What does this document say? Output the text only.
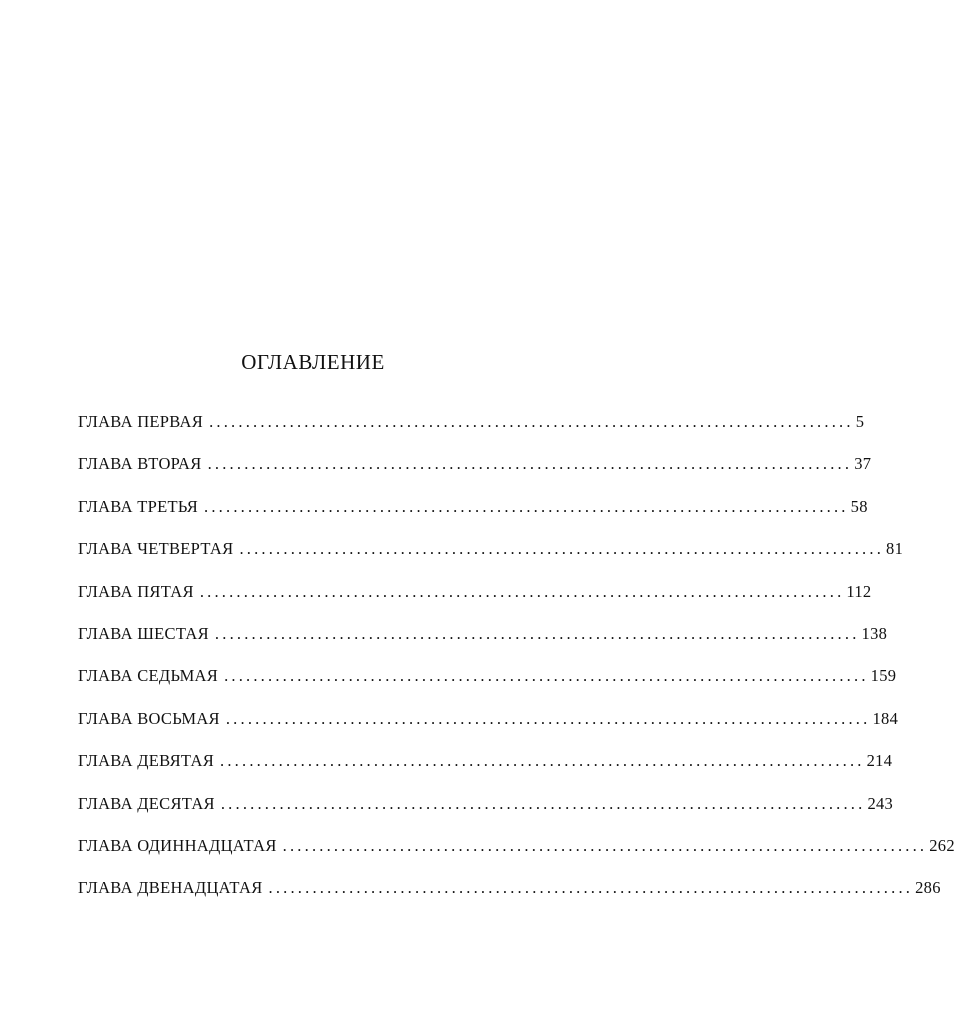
ОГЛАВЛЕНИЕ
ГЛАВА ПЕРВАЯ ........................................................................................ 5
ГЛАВА ВТОРАЯ ........................................................................................ 37
ГЛАВА ТРЕТЬЯ ........................................................................................ 58
ГЛАВА ЧЕТВЕРТАЯ ........................................................................................ 81
ГЛАВА ПЯТАЯ ........................................................................................ 112
ГЛАВА ШЕСТАЯ ........................................................................................ 138
ГЛАВА СЕДЬМАЯ ........................................................................................ 159
ГЛАВА ВОСЬМАЯ ........................................................................................ 184
ГЛАВА ДЕВЯТАЯ ........................................................................................ 214
ГЛАВА ДЕСЯТАЯ ........................................................................................ 243
ГЛАВА ОДИННАДЦАТАЯ ........................................................................................ 262
ГЛАВА ДВЕНАДЦАТАЯ ........................................................................................ 286
